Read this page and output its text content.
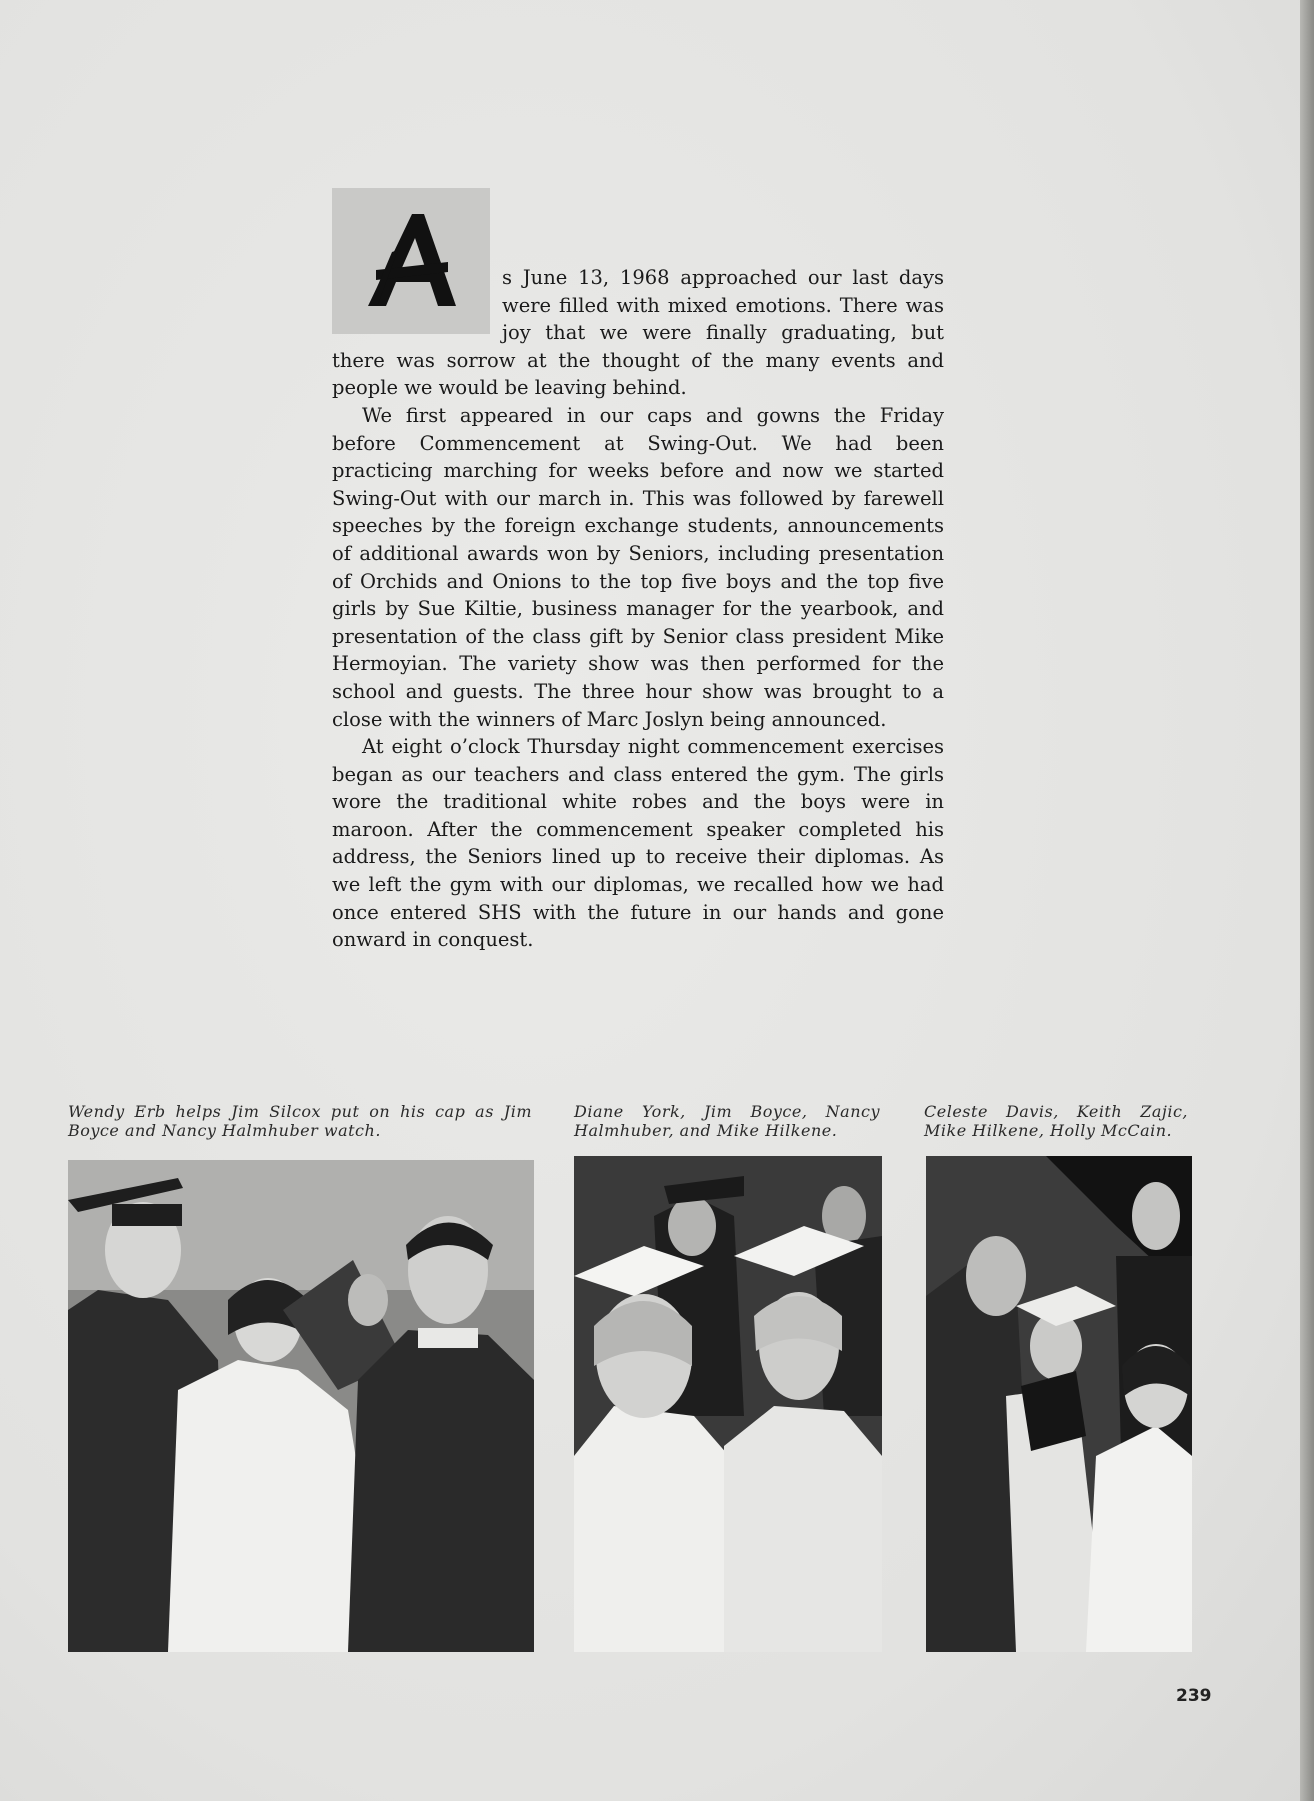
s June 13, 1968 approached our last days were filled with mixed emotions. There was joy that we were finally graduating, but there was sorrow at the thought of the many events and people we would be leaving behind.

We first appeared in our caps and gowns the Friday before Commencement at Swing-Out. We had been practicing marching for weeks before and now we started Swing-Out with our march in. This was followed by farewell speeches by the foreign exchange students, announcements of additional awards won by Seniors, including presentation of Orchids and Onions to the top five boys and the top five girls by Sue Kiltie, business manager for the yearbook, and presentation of the class gift by Senior class president Mike Hermoyian. The variety show was then performed for the school and guests. The three hour show was brought to a close with the winners of Marc Joslyn being announced.

At eight o’clock Thursday night commencement exercises began as our teachers and class entered the gym. The girls wore the traditional white robes and the boys were in maroon. After the commencement speaker completed his address, the Seniors lined up to receive their diplomas. As we left the gym with our diplomas, we recalled how we had once entered SHS with the future in our hands and gone onward in conquest.

Wendy Erb helps Jim Silcox put on his cap as Jim Boyce and Nancy Halmhuber watch.
Diane York, Jim Boyce, Nancy Halmhuber, and Mike Hilkene.
Celeste Davis, Keith Zajic, Mike Hilkene, Holly McCain.
239
